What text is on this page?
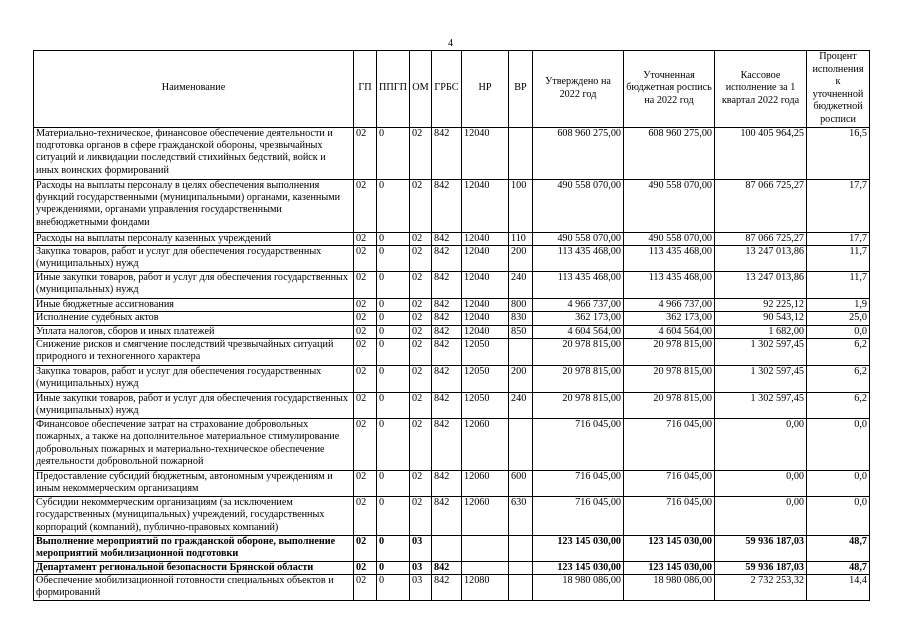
4
Наименование	ГП	ППГП	ОМ	ГРБС	НР	ВР	Утверждено на 2022 год	Уточненная бюджетная роспись на 2022 год	Кассовое исполнение за 1 квартал 2022 года	Процент исполнения к уточненной бюджетной росписи
Материально-техническое, финансовое обеспечение деятельности и подготовка органов в сфере гражданской обороны, чрезвычайных ситуаций и ликвидации последствий стихийных бедствий, войск и иных воинских формирований	02	0	02	842	12040		608 960 275,00	608 960 275,00	100 405 964,25	16,5
Расходы на выплаты персоналу в целях обеспечения выполнения функций государственными (муниципальными) органами, казенными учреждениями, органами управления государственными внебюджетными фондами	02	0	02	842	12040	100	490 558 070,00	490 558 070,00	87 066 725,27	17,7
Расходы на выплаты персоналу казенных учреждений	02	0	02	842	12040	110	490 558 070,00	490 558 070,00	87 066 725,27	17,7
Закупка товаров, работ и услуг для обеспечения государственных (муниципальных) нужд	02	0	02	842	12040	200	113 435 468,00	113 435 468,00	13 247 013,86	11,7
Иные закупки товаров, работ и услуг для обеспечения государственных (муниципальных) нужд	02	0	02	842	12040	240	113 435 468,00	113 435 468,00	13 247 013,86	11,7
Иные бюджетные ассигнования	02	0	02	842	12040	800	4 966 737,00	4 966 737,00	92 225,12	1,9
Исполнение судебных актов	02	0	02	842	12040	830	362 173,00	362 173,00	90 543,12	25,0
Уплата налогов, сборов и иных платежей	02	0	02	842	12040	850	4 604 564,00	4 604 564,00	1 682,00	0,0
Снижение рисков и смягчение последствий чрезвычайных ситуаций природного и техногенного характера	02	0	02	842	12050		20 978 815,00	20 978 815,00	1 302 597,45	6,2
Закупка товаров, работ и услуг для обеспечения государственных (муниципальных) нужд	02	0	02	842	12050	200	20 978 815,00	20 978 815,00	1 302 597,45	6,2
Иные закупки товаров, работ и услуг для обеспечения государственных (муниципальных) нужд	02	0	02	842	12050	240	20 978 815,00	20 978 815,00	1 302 597,45	6,2
Финансовое обеспечение затрат на страхование добровольных пожарных, а также на дополнительное материальное стимулирование добровольных пожарных и материально-техническое обеспечение деятельности добровольной пожарной	02	0	02	842	12060		716 045,00	716 045,00	0,00	0,0
Предоставление субсидий бюджетным, автономным учреждениям и иным некоммерческим организациям	02	0	02	842	12060	600	716 045,00	716 045,00	0,00	0,0
Субсидии некоммерческим организациям (за исключением государственных (муниципальных) учреждений, государственных корпораций (компаний), публично-правовых компаний)	02	0	02	842	12060	630	716 045,00	716 045,00	0,00	0,0
Выполнение мероприятий по гражданской обороне, выполнение мероприятий мобилизационной подготовки	02	0	03				123 145 030,00	123 145 030,00	59 936 187,03	48,7
Департамент региональной безопасности Брянской области	02	0	03	842			123 145 030,00	123 145 030,00	59 936 187,03	48,7
Обеспечение мобилизационной готовности специальных объектов и формирований	02	0	03	842	12080		18 980 086,00	18 980 086,00	2 732 253,32	14,4
